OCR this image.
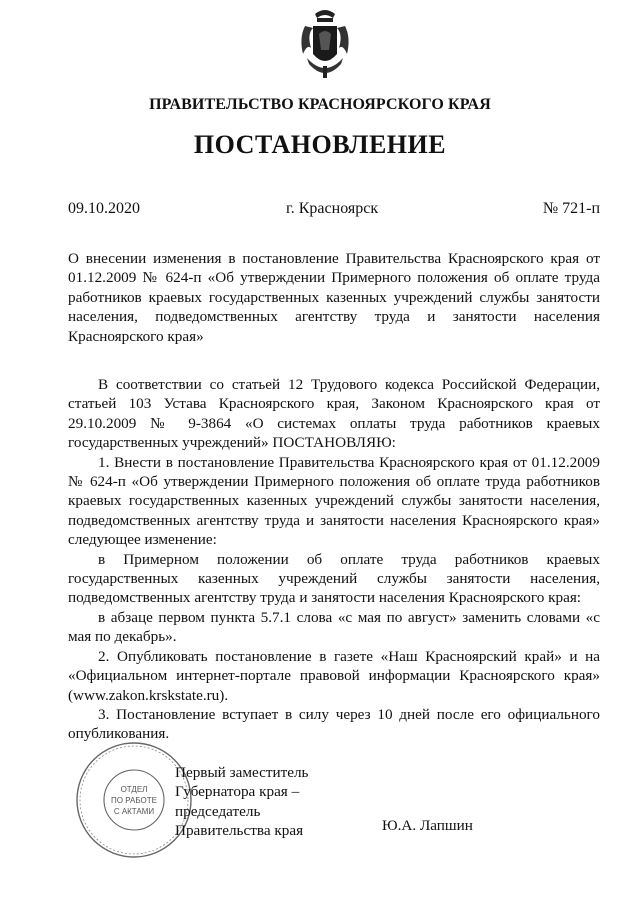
ПРАВИТЕЛЬСТВО КРАСНОЯРСКОГО КРАЯ
ПОСТАНОВЛЕНИЕ
09.10.2020	г. Красноярск	№ 721-п
О внесении изменения в постановление Правительства Красноярского края от 01.12.2009 № 624-п «Об утверждении Примерного положения об оплате труда работников краевых государственных казенных учреждений службы занятости населения, подведомственных агентству труда и занятости населения Красноярского края»

В соответствии со статьей 12 Трудового кодекса Российской Федерации, статьей 103 Устава Красноярского края, Законом Красноярского края от 29.10.2009 № 9-3864 «О системах оплаты труда работников краевых государственных учреждений» ПОСТАНОВЛЯЮ:

1. Внести в постановление Правительства Красноярского края от 01.12.2009 № 624-п «Об утверждении Примерного положения об оплате труда работников краевых государственных казенных учреждений службы занятости населения, подведомственных агентству труда и занятости населения Красноярского края» следующее изменение:

в Примерном положении об оплате труда работников краевых государственных казенных учреждений службы занятости населения, подведомственных агентству труда и занятости населения Красноярского края:

в абзаце первом пункта 5.7.1 слова «с мая по август» заменить словами «с мая по декабрь».

2. Опубликовать постановление в газете «Наш Красноярский край» и на «Официальном интернет-портале правовой информации Красноярского края» (www.zakon.krskstate.ru).

3. Постановление вступает в силу через 10 дней после его официального опубликования.

ОТДЕЛ
ПО РАБОТЕ
С АКТАМИ
Первый заместитель
Губернатора края –
председатель
Правительства края	Ю.А. Лапшин
